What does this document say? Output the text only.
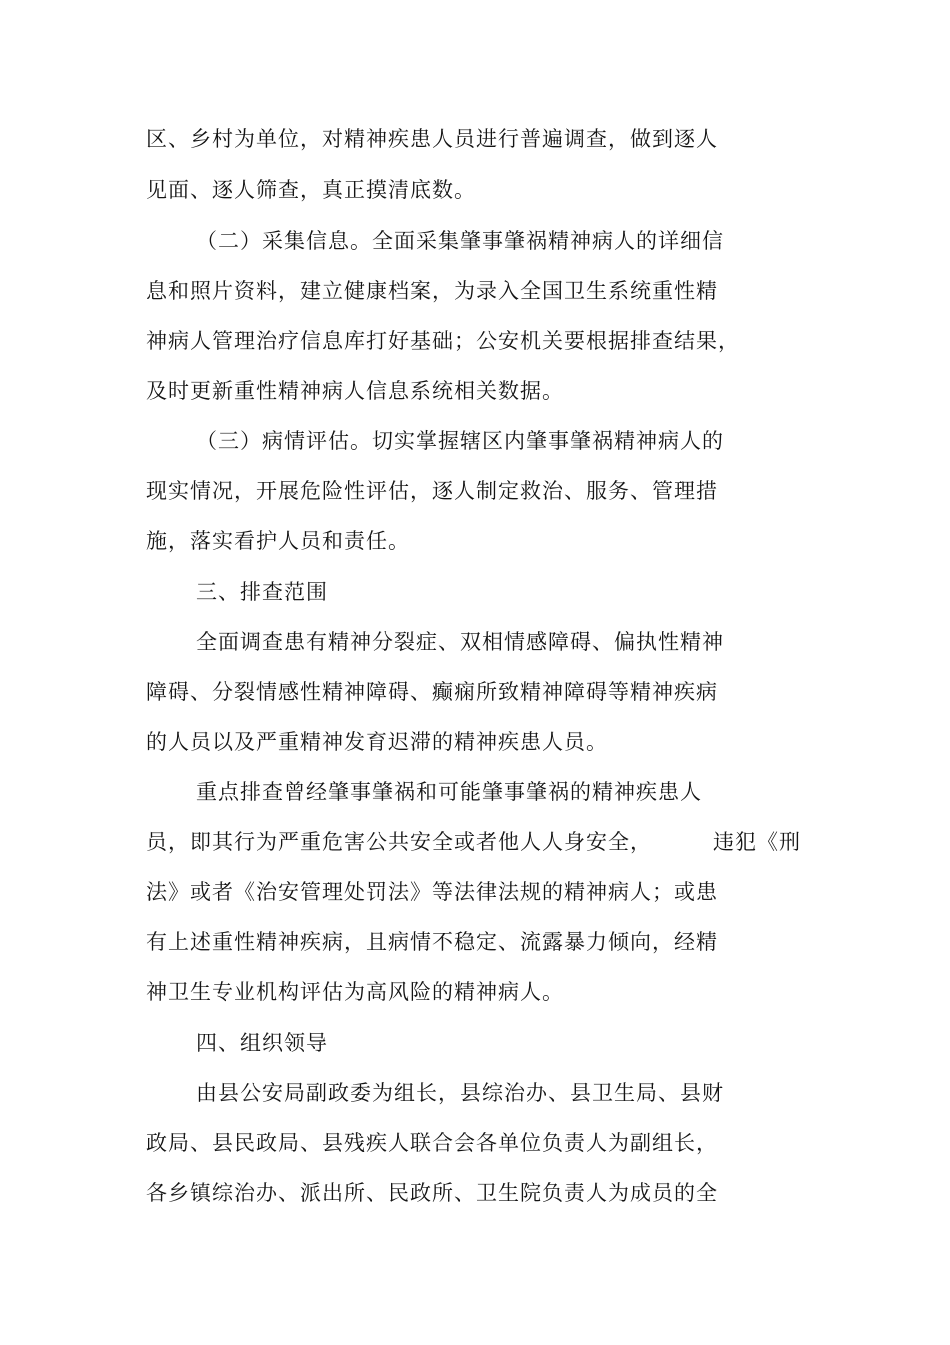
区、乡村为单位，对精神疾患人员进行普遍调查，做到逐人
见面、逐人筛查，真正摸清底数。
（二）采集信息。全面采集肇事肇祸精神病人的详细信
息和照片资料，建立健康档案，为录入全国卫生系统重性精
神病人管理治疗信息库打好基础；公安机关要根据排查结果，
及时更新重性精神病人信息系统相关数据。
（三）病情评估。切实掌握辖区内肇事肇祸精神病人的
现实情况，开展危险性评估，逐人制定救治、服务、管理措
施，落实看护人员和责任。
三、排查范围
全面调查患有精神分裂症、双相情感障碍、偏执性精神
障碍、分裂情感性精神障碍、癫痫所致精神障碍等精神疾病
的人员以及严重精神发育迟滞的精神疾患人员。
重点排查曾经肇事肇祸和可能肇事肇祸的精神疾患人
员，即其行为严重危害公共安全或者他人人身安全，	违犯《刑
法》或者《治安管理处罚法》等法律法规的精神病人；或患
有上述重性精神疾病，且病情不稳定、流露暴力倾向，经精
神卫生专业机构评估为高风险的精神病人。
四、组织领导
由县公安局副政委为组长，县综治办、县卫生局、县财
政局、县民政局、县残疾人联合会各单位负责人为副组长，
各乡镇综治办、派出所、民政所、卫生院负责人为成员的全
